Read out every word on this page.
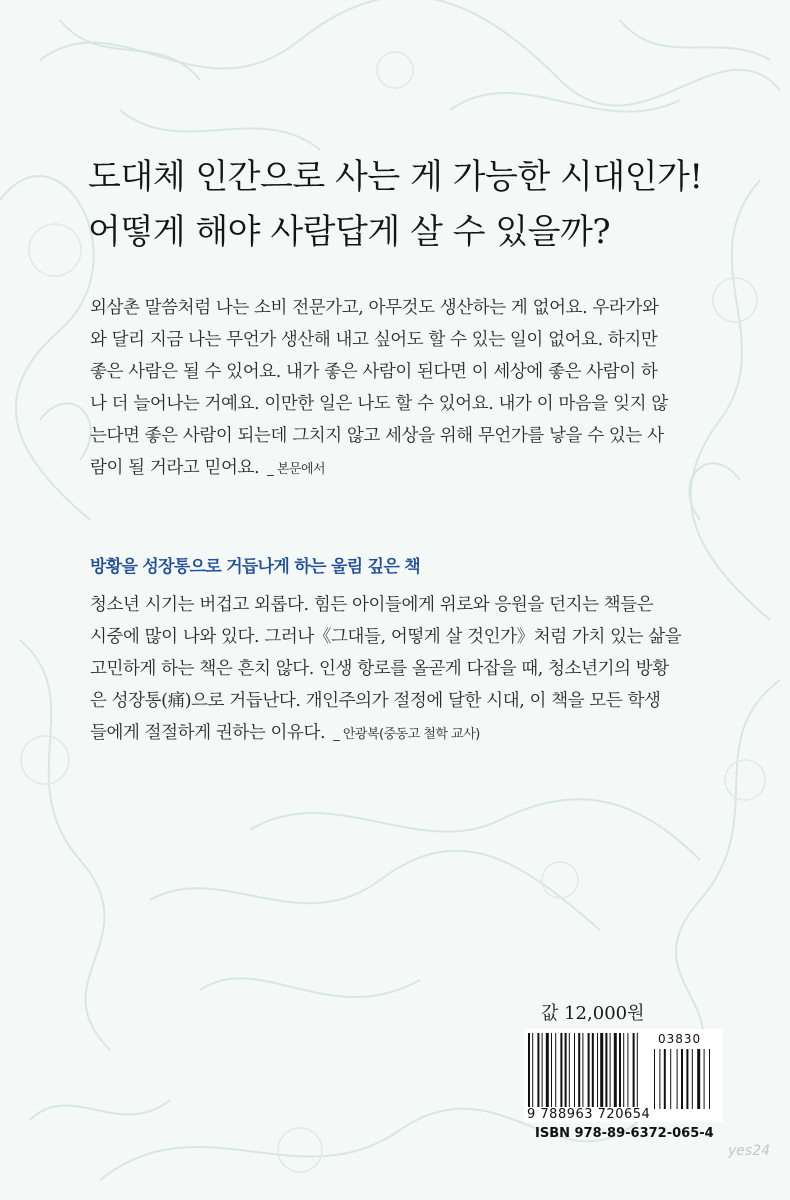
도대체 인간으로 사는 게 가능한 시대인가!
어떻게 해야 사람답게 살 수 있을까?
외삼촌 말씀처럼 나는 소비 전문가고, 아무것도 생산하는 게 없어요. 우라가와
와 달리 지금 나는 무언가 생산해 내고 싶어도 할 수 있는 일이 없어요. 하지만
좋은 사람은 될 수 있어요. 내가 좋은 사람이 된다면 이 세상에 좋은 사람이 하
나 더 늘어나는 거예요. 이만한 일은 나도 할 수 있어요. 내가 이 마음을 잊지 않
는다면 좋은 사람이 되는데 그치지 않고 세상을 위해 무언가를 낳을 수 있는 사
람이 될 거라고 믿어요. _ 본문에서
방황을 성장통으로 거듭나게 하는 울림 깊은 책
청소년 시기는 버겁고 외롭다. 힘든 아이들에게 위로와 응원을 던지는 책들은
시중에 많이 나와 있다. 그러나《그대들, 어떻게 살 것인가》처럼 가치 있는 삶을
고민하게 하는 책은 흔치 않다. 인생 항로를 올곧게 다잡을 때, 청소년기의 방황
은 성장통(痛)으로 거듭난다. 개인주의가 절정에 달한 시대, 이 책을 모든 학생
들에게 절절하게 권하는 이유다. _ 안광복(중동고 철학 교사)
값 12,000원
03830
9 788963 720654
ISBN 978-89-6372-065-4
yes24
